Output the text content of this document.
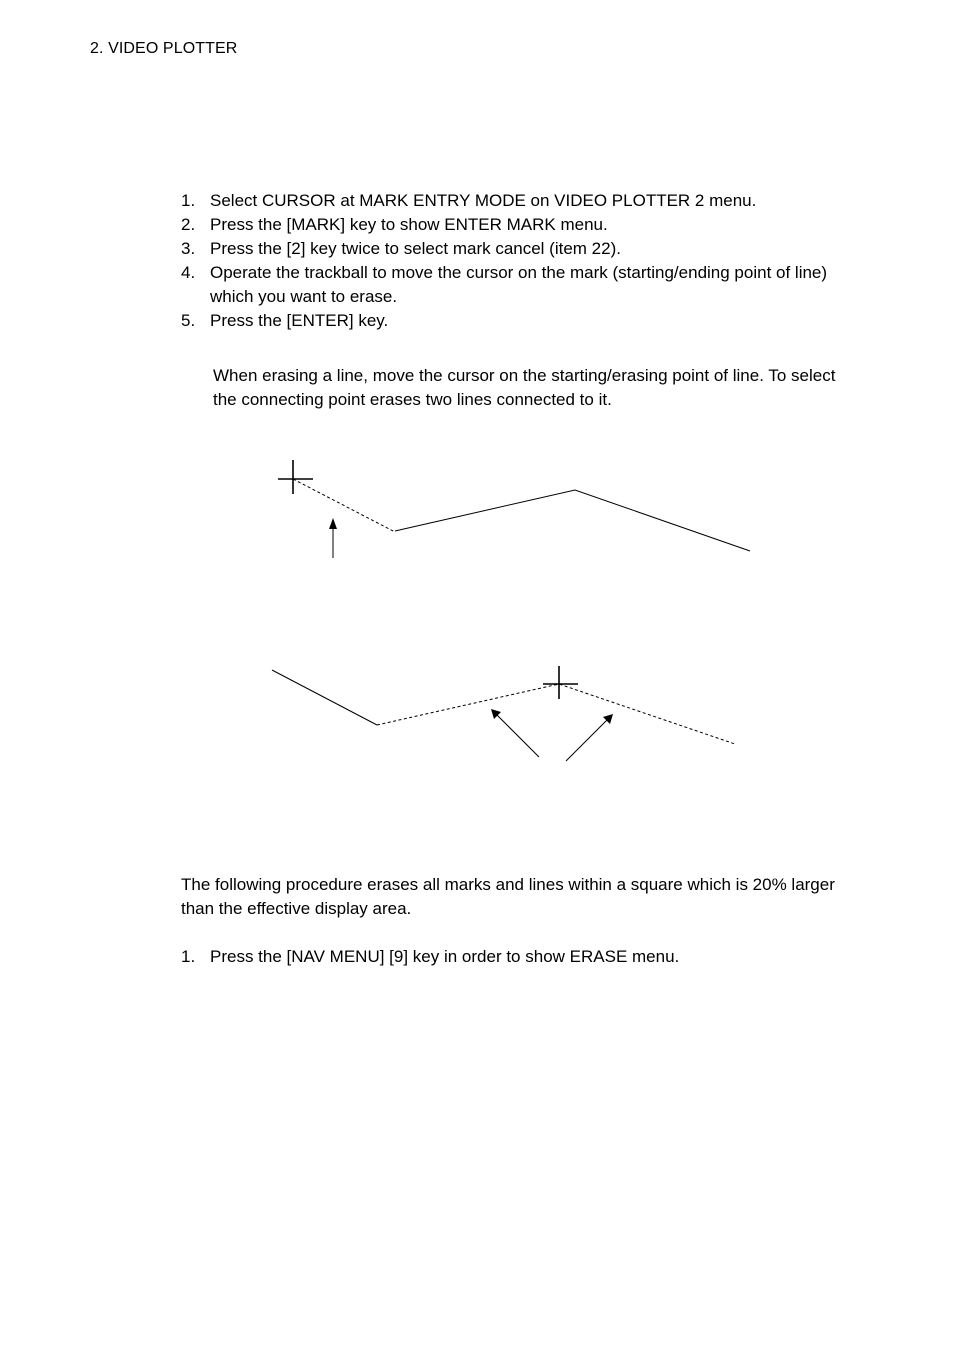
2. VIDEO PLOTTER
1. Select CURSOR at MARK ENTRY MODE on VIDEO PLOTTER 2 menu.
2. Press the [MARK] key to show ENTER MARK menu.
3. Press the [2] key twice to select mark cancel (item 22).
4. Operate the trackball to move the cursor on the mark (starting/ending point of line) which you want to erase.
5. Press the [ENTER] key.
When erasing a line, move the cursor on the starting/erasing point of line. To select the connecting point erases two lines connected to it.
The following procedure erases all marks and lines within a square which is 20% larger than the effective display area.
1. Press the [NAV MENU] [9] key in order to show ERASE menu.
